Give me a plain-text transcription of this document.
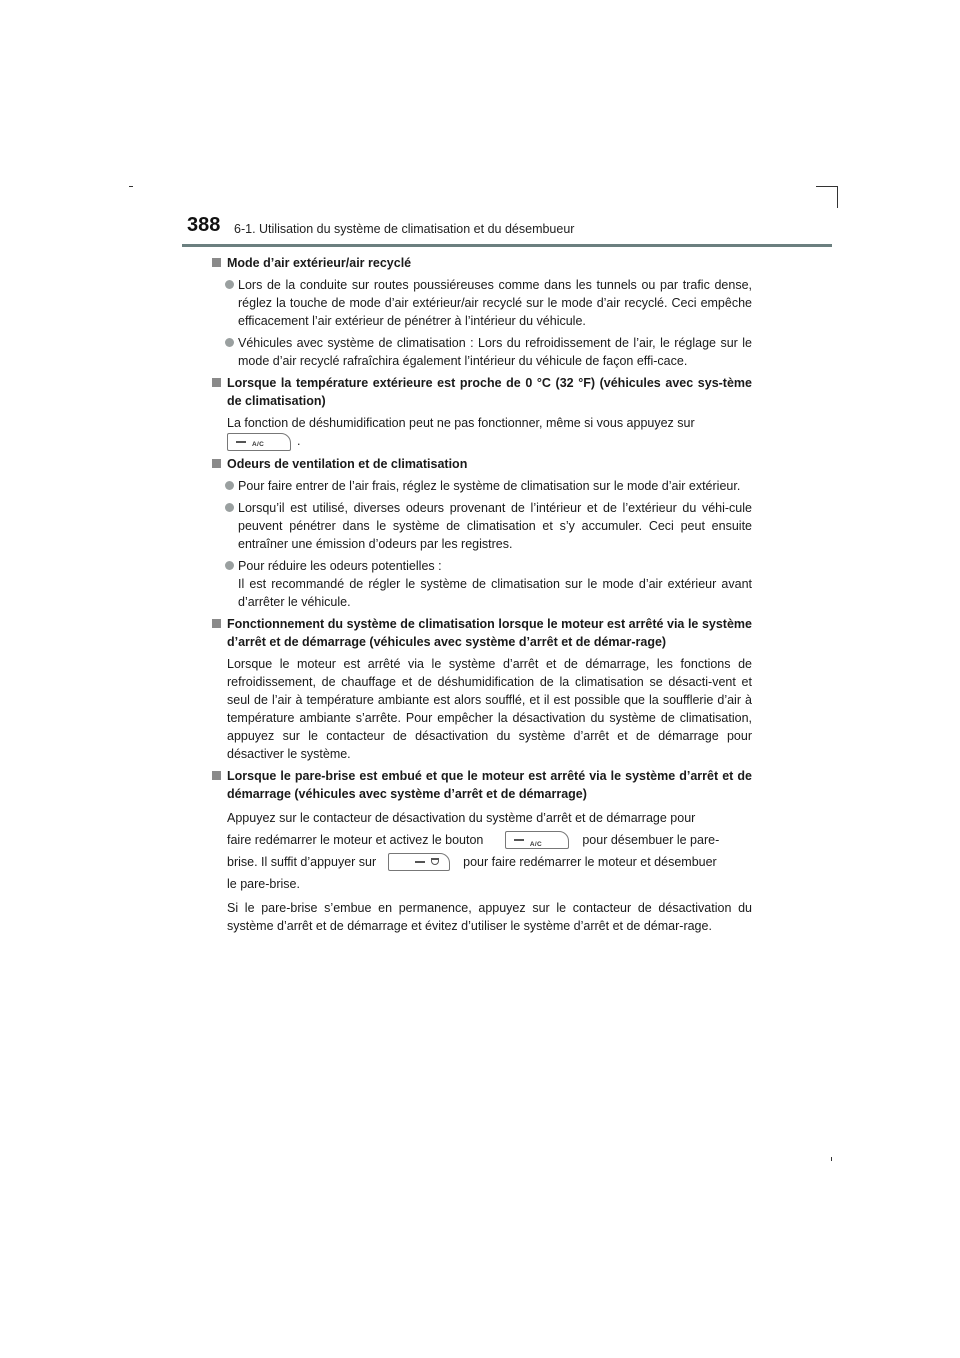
388 6-1. Utilisation du système de climatisation et du désembueur
Mode d’air extérieur/air recyclé
Lors de la conduite sur routes poussiéreuses comme dans les tunnels ou par trafic dense, réglez la touche de mode d’air extérieur/air recyclé sur le mode d’air recyclé. Ceci empêche efficacement l’air extérieur de pénétrer à l’intérieur du véhicule.
Véhicules avec système de climatisation : Lors du refroidissement de l’air, le réglage sur le mode d’air recyclé rafraîchira également l’intérieur du véhicule de façon effi-cace.
Lorsque la température extérieure est proche de 0 °C (32 °F) (véhicules avec sys-tème de climatisation)
La fonction de déshumidification peut ne pas fonctionner, même si vous appuyez sur

A/C	.
Odeurs de ventilation et de climatisation
Pour faire entrer de l’air frais, réglez le système de climatisation sur le mode d’air extérieur.
Lorsqu’il est utilisé, diverses odeurs provenant de l’intérieur et de l’extérieur du véhi-cule peuvent pénétrer dans le système de climatisation et s’y accumuler. Ceci peut ensuite entraîner une émission d’odeurs par les registres.
Pour réduire les odeurs potentielles :
Il est recommandé de régler le système de climatisation sur le mode d’air extérieur avant d’arrêter le véhicule.
Fonctionnement du système de climatisation lorsque le moteur est arrêté via le système d’arrêt et de démarrage (véhicules avec système d’arrêt et de démar-rage)
Lorsque le moteur est arrêté via le système d’arrêt et de démarrage, les fonctions de refroidissement, de chauffage et de déshumidification de la climatisation se désacti-vent et seul de l’air à température ambiante est alors soufflé, et il est possible que la soufflerie d’air à température ambiante s’arrête. Pour empêcher la désactivation du système de climatisation, appuyez sur le contacteur de désactivation du système d’arrêt et de démarrage pour désactiver le système.
Lorsque le pare-brise est embué et que le moteur est arrêté via le système d’arrêt et de démarrage (véhicules avec système d’arrêt et de démarrage)
Appuyez sur le contacteur de désactivation du système d’arrêt et de démarrage pour
faire redémarrer le moteur et activez le bouton	A/C	pour désembuer le pare-
brise. Il suffit d’appuyer sur	pour faire redémarrer le moteur et désembuer
le pare-brise.
Si le pare-brise s’embue en permanence, appuyez sur le contacteur de désactivation du système d’arrêt et de démarrage et évitez d’utiliser le système d’arrêt et de démar-rage.
